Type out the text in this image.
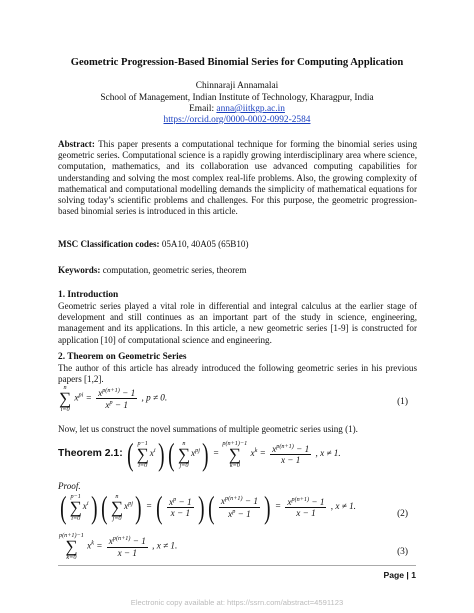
Geometric Progression-Based Binomial Series for Computing Application
Chinnaraji Annamalai
School of Management, Indian Institute of Technology, Kharagpur, India
Email: anna@iitkgp.ac.in
https://orcid.org/0000-0002-0992-2584
Abstract: This paper presents a computational technique for forming the binomial series using geometric series. Computational science is a rapidly growing interdisciplinary area where science, computation, mathematics, and its collaboration use advanced computing capabilities for understanding and solving the most complex real-life problems. Also, the growing complexity of mathematical and computational modelling demands the simplicity of mathematical equations for solving today’s scientific problems and challenges. For this purpose, the geometric progression-based binomial series is introduced in this article.
MSC Classification codes: 05A10, 40A05 (65B10)
Keywords: computation, geometric series, theorem
1. Introduction
Geometric series played a vital role in differential and integral calculus at the earlier stage of development and still continues as an important part of the study in science, engineering, management and its applications. In this article, a new geometric series [1-9] is constructed for application [10] of computational science and engineering.
2. Theorem on Geometric Series
The author of this article has already introduced the following geometric series in his previous papers [1,2].
n
∑
i=0
$x^{pi} = \frac{x^{p(n+1)} - 1}{x^p - 1}$ , p ≠ 0.	(1)
Now, let us construct the novel summations of multiple geometric series using (1).
Theorem 2.1: ( p−1
∑
i=0
$x^i$) (	n
∑
j=0
$x^{pj}$) =
p(n+1)−1
∑
k=0
$x^k = \frac{x^{p(n+1)} - 1}{x - 1}$ , x ≠ 1.
Proof.
( p−1
∑
i=0
$x^i$) (	n
∑
j=0
$x^{pj}$) = ( $\frac{x^p - 1}{x - 1}$ ) ( $\frac{x^{p(n+1)} - 1}{x^p - 1}$ ) = $\frac{x^{p(n+1)} - 1}{x - 1}$ , x ≠ 1.
(2)
p(n+1)−1
∑
k=0
$x^k = \frac{x^{p(n+1)} - 1}{x - 1}$ , x ≠ 1.
(3)
Page | 1
Electronic copy available at: https://ssrn.com/abstract=4591123
